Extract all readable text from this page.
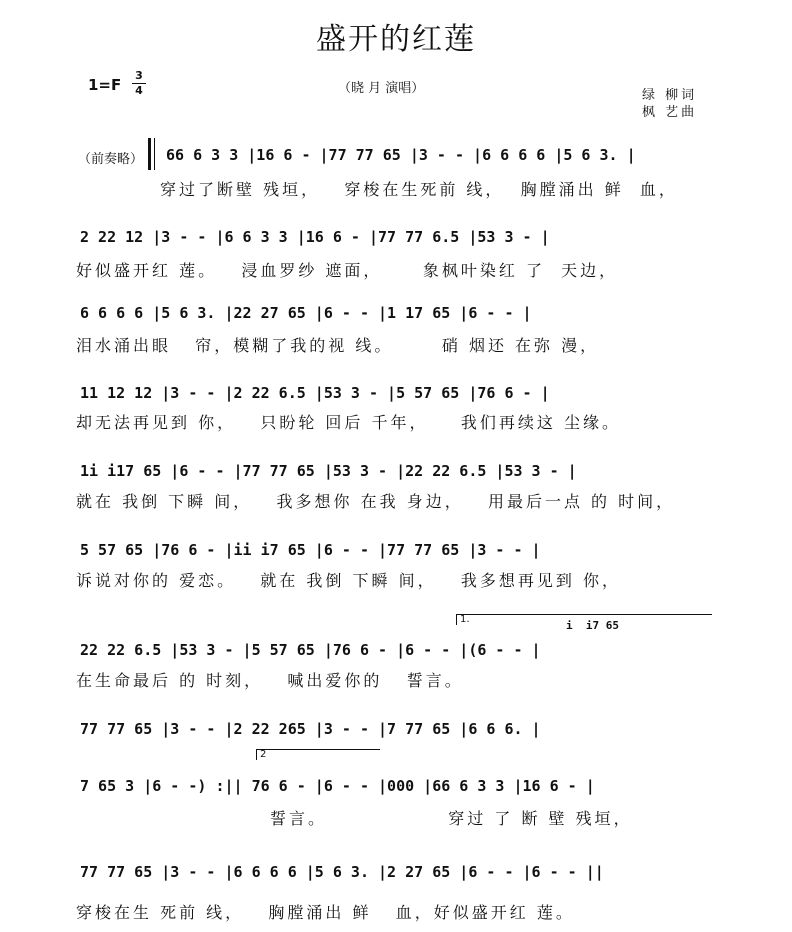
盛开的红莲
1=F
3
4	（晓 月 演唱）	绿 柳词
枫 艺曲
（前奏略） 66 6 3 3 |16 6 - |77 77 65 |3 - - |6 6 6 6 |5 6 3. |
穿过了断壁 残垣，   穿梭在生死前 线，  胸膛涌出 鲜  血，
2 22 12 |3 - - |6 6 3 3 |16 6 - |77 77 6.5 |53 3 - |
好似盛开红 莲。   浸血罗纱 遮面，     象枫叶染红 了  天边，
6 6 6 6 |5 6 3. |22 27 65 |6 - - |1 17 65 |6 - - |
泪水涌出眼   帘，模糊了我的视 线。      硝 烟还 在弥 漫，
11 12 12 |3 - - |2 22 6.5 |53 3 - |5 57 65 |76 6 - |
却无法再见到 你，   只盼轮 回后 千年，    我们再续这 尘缘。
1i i17 65 |6 - - |77 77 65 |53 3 - |22 22 6.5 |53 3 - |
就在 我倒 下瞬 间，   我多想你 在我 身边，   用最后一点 的 时间，
5 57 65 |76 6 - |ii i7 65 |6 - - |77 77 65 |3 - - |
诉说对你的 爱恋。   就在 我倒 下瞬 间，   我多想再见到 你，
1.	i  i7 65
22 22 6.5 |53 3 - |5 57 65 |76 6 - |6 - - |(6 - - |
在生命最后 的 时刻，   喊出爱你的   誓言。
77 77 65 |3 - - |2 22 265 |3 - - |7 77 65 |6 6 6. |
2
7 65 3 |6 - -) :|| 76 6 - |6 - - |000 |66 6 3 3 |16 6 - |
誓言。               穿过 了 断 壁 残垣，
77 77 65 |3 - - |6 6 6 6 |5 6 3. |2 27 65 |6 - - |6 - - ||
穿梭在生 死前 线，   胸膛涌出 鲜   血，好似盛开红 莲。
